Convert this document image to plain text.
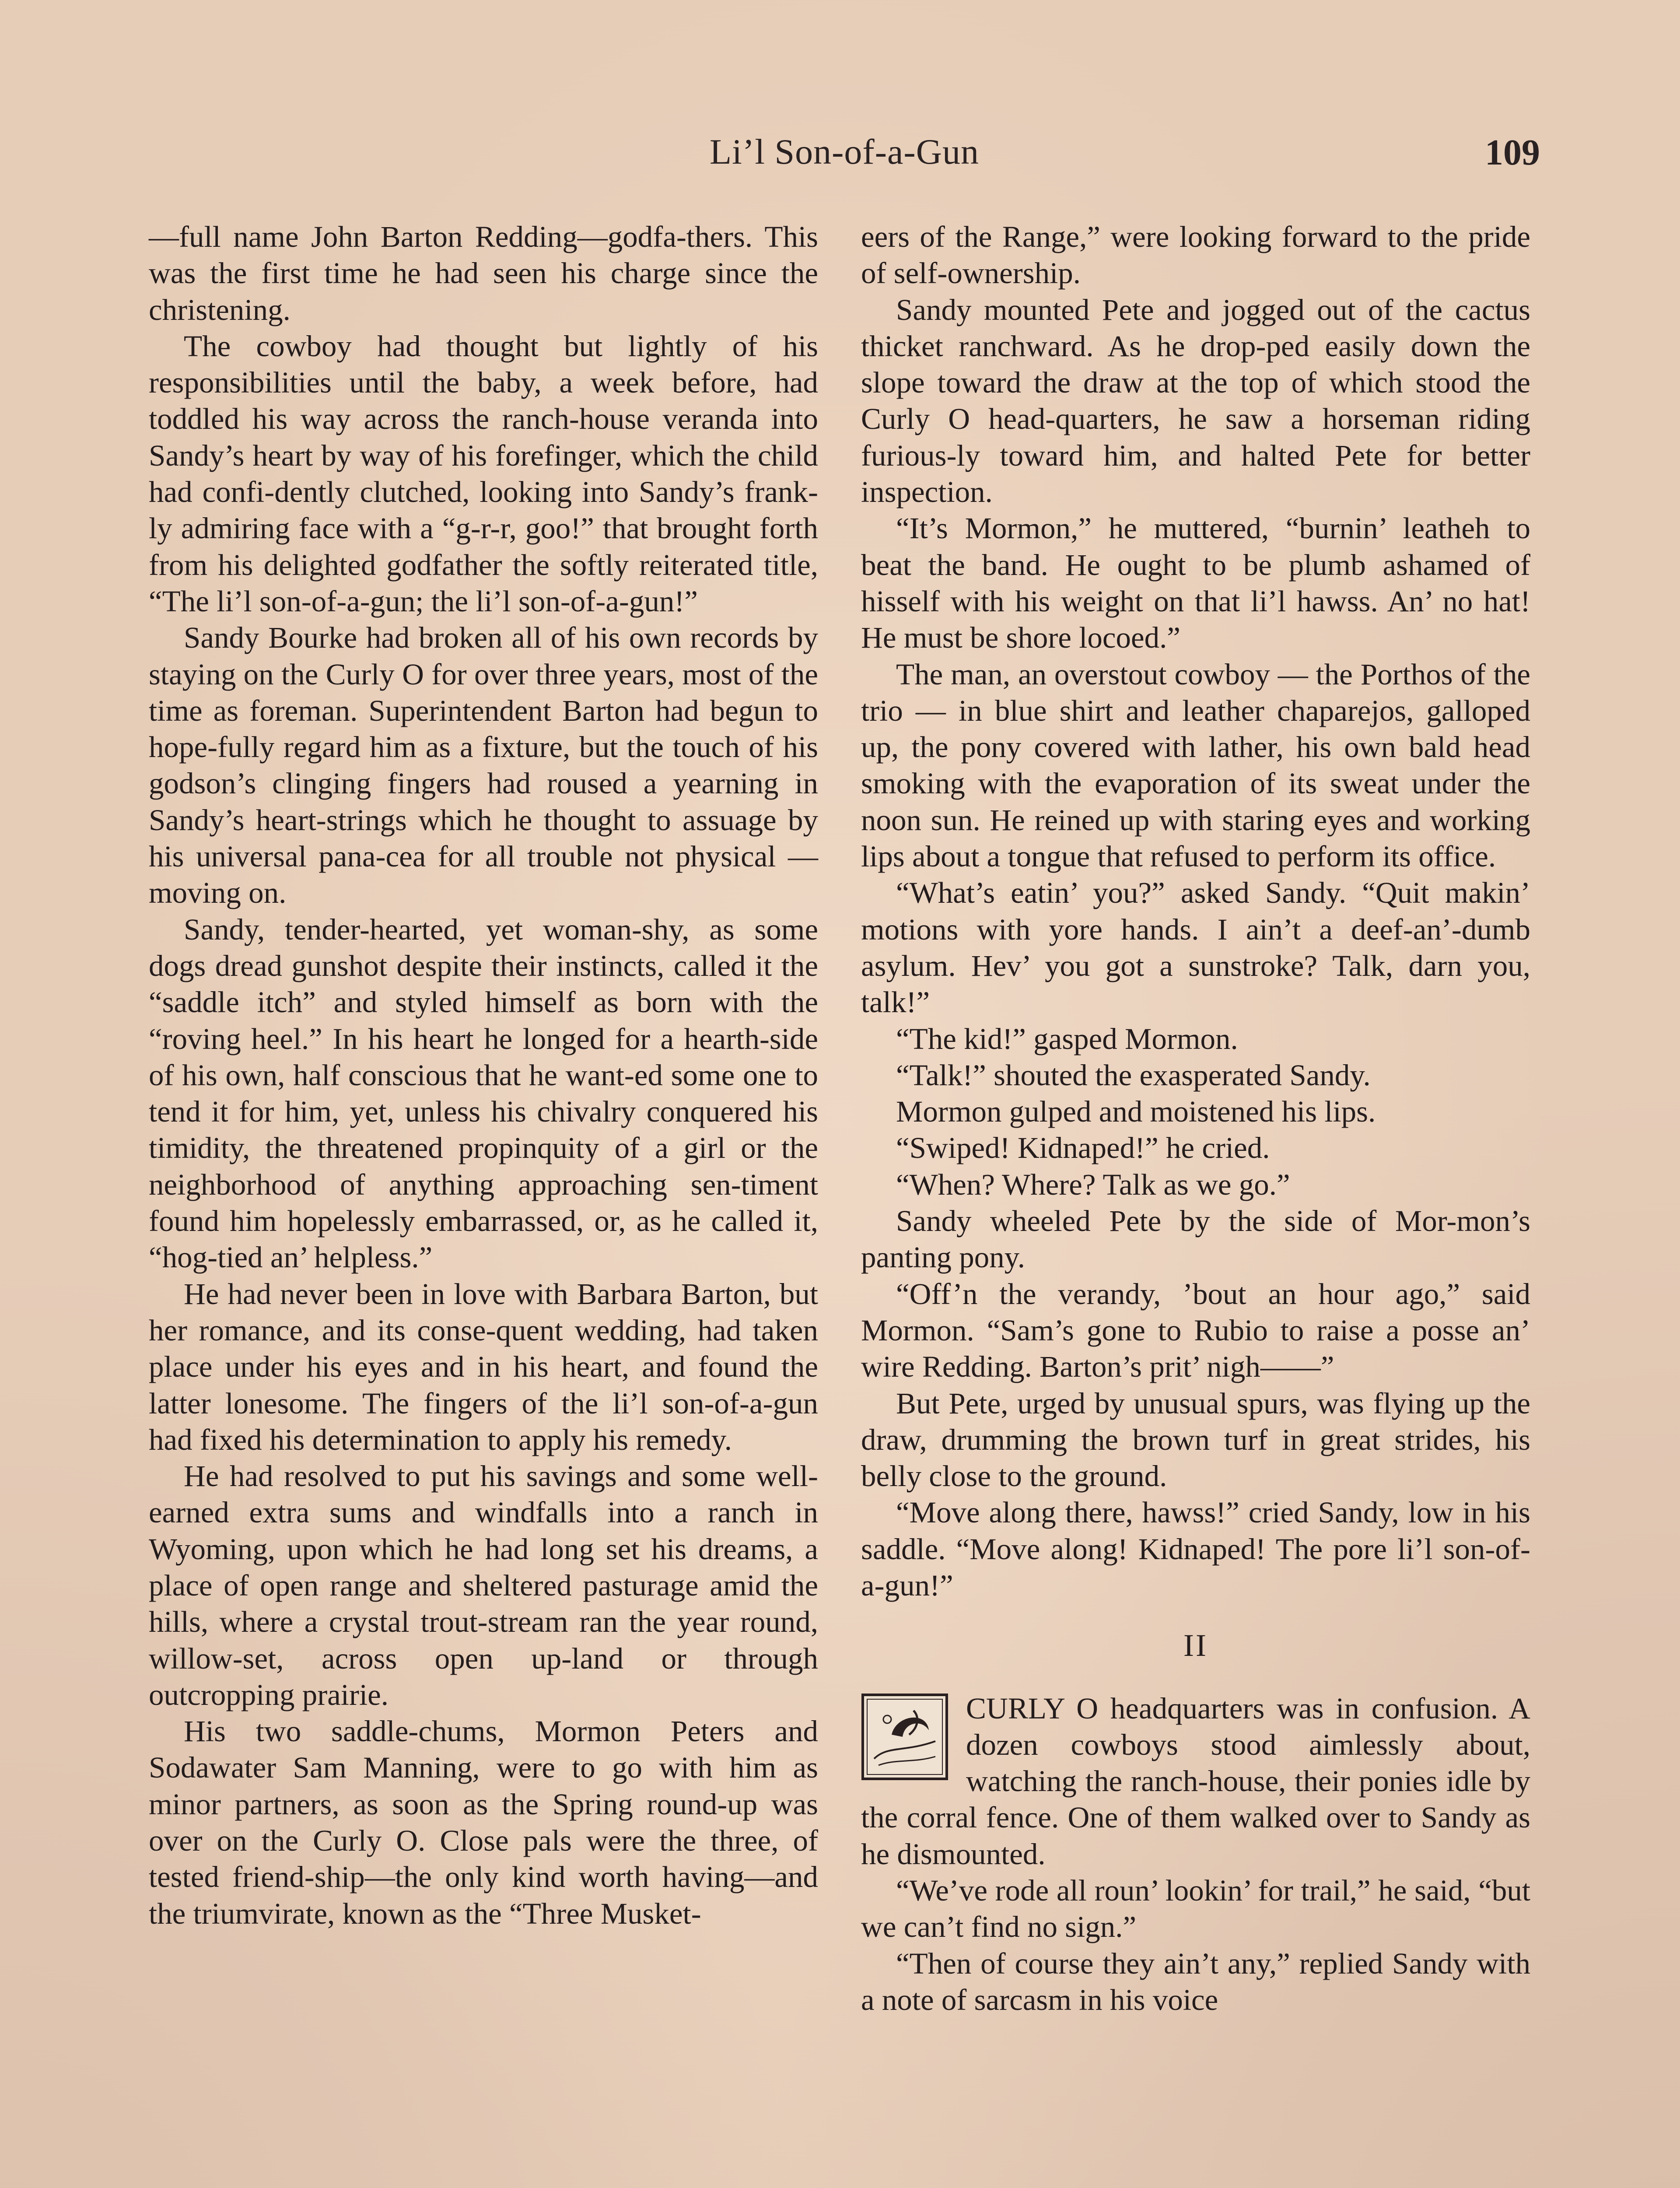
Li’l Son-of-a-Gun	109

—full name John Barton Redding—godfa-thers. This was the first time he had seen his charge since the christening.

The cowboy had thought but lightly of his responsibilities until the baby, a week before, had toddled his way across the ranch-house veranda into Sandy’s heart by way of his forefinger, which the child had confi-dently clutched, looking into Sandy’s frank-ly admiring face with a “g-r-r, goo!” that brought forth from his delighted godfather the softly reiterated title, “The li’l son-of-a-gun; the li’l son-of-a-gun!”

Sandy Bourke had broken all of his own records by staying on the Curly O for over three years, most of the time as foreman. Superintendent Barton had begun to hope-fully regard him as a fixture, but the touch of his godson’s clinging fingers had roused a yearning in Sandy’s heart-strings which he thought to assuage by his universal pana-cea for all trouble not physical — moving on.

Sandy, tender-hearted, yet woman-shy, as some dogs dread gunshot despite their instincts, called it the “saddle itch” and styled himself as born with the “roving heel.” In his heart he longed for a hearth-side of his own, half conscious that he want-ed some one to tend it for him, yet, unless his chivalry conquered his timidity, the threatened propinquity of a girl or the neighborhood of anything approaching sen-timent found him hopelessly embarrassed, or, as he called it, “hog-tied an’ helpless.”

He had never been in love with Barbara Barton, but her romance, and its conse-quent wedding, had taken place under his eyes and in his heart, and found the latter lonesome. The fingers of the li’l son-of-a-gun had fixed his determination to apply his remedy.

He had resolved to put his savings and some well-earned extra sums and windfalls into a ranch in Wyoming, upon which he had long set his dreams, a place of open range and sheltered pasturage amid the hills, where a crystal trout-stream ran the year round, willow-set, across open up-land or through outcropping prairie.

His two saddle-chums, Mormon Peters and Sodawater Sam Manning, were to go with him as minor partners, as soon as the Spring round-up was over on the Curly O. Close pals were the three, of tested friend-ship—the only kind worth having—and the triumvirate, known as the “Three Musket-

eers of the Range,” were looking forward to the pride of self-ownership.

Sandy mounted Pete and jogged out of the cactus thicket ranchward. As he drop-ped easily down the slope toward the draw at the top of which stood the Curly O head-quarters, he saw a horseman riding furious-ly toward him, and halted Pete for better inspection.

“It’s Mormon,” he muttered, “burnin’ leatheh to beat the band. He ought to be plumb ashamed of hisself with his weight on that li’l hawss. An’ no hat! He must be shore locoed.”

The man, an overstout cowboy — the Porthos of the trio — in blue shirt and leather chaparejos, galloped up, the pony covered with lather, his own bald head smoking with the evaporation of its sweat under the noon sun. He reined up with staring eyes and working lips about a tongue that refused to perform its office.

“What’s eatin’ you?” asked Sandy. “Quit makin’ motions with yore hands. I ain’t a deef-an’-dumb asylum. Hev’ you got a sunstroke? Talk, darn you, talk!”

“The kid!” gasped Mormon.

“Talk!” shouted the exasperated Sandy.

Mormon gulped and moistened his lips.

“Swiped! Kidnaped!” he cried.

“When? Where? Talk as we go.”

Sandy wheeled Pete by the side of Mor-mon’s panting pony.

“Off’n the verandy, ’bout an hour ago,” said Mormon. “Sam’s gone to Rubio to raise a posse an’ wire Redding. Barton’s prit’ nigh——”

But Pete, urged by unusual spurs, was flying up the draw, drumming the brown turf in great strides, his belly close to the ground.

“Move along there, hawss!” cried Sandy, low in his saddle. “Move along! Kidnaped! The pore li’l son-of-a-gun!”

II

CURLY O headquarters was in confusion. A dozen cowboys stood aimlessly about, watching the ranch-house, their ponies idle by the corral fence. One of them walked over to Sandy as he dismounted.

“We’ve rode all roun’ lookin’ for trail,” he said, “but we can’t find no sign.”

“Then of course they ain’t any,” replied Sandy with a note of sarcasm in his voice
